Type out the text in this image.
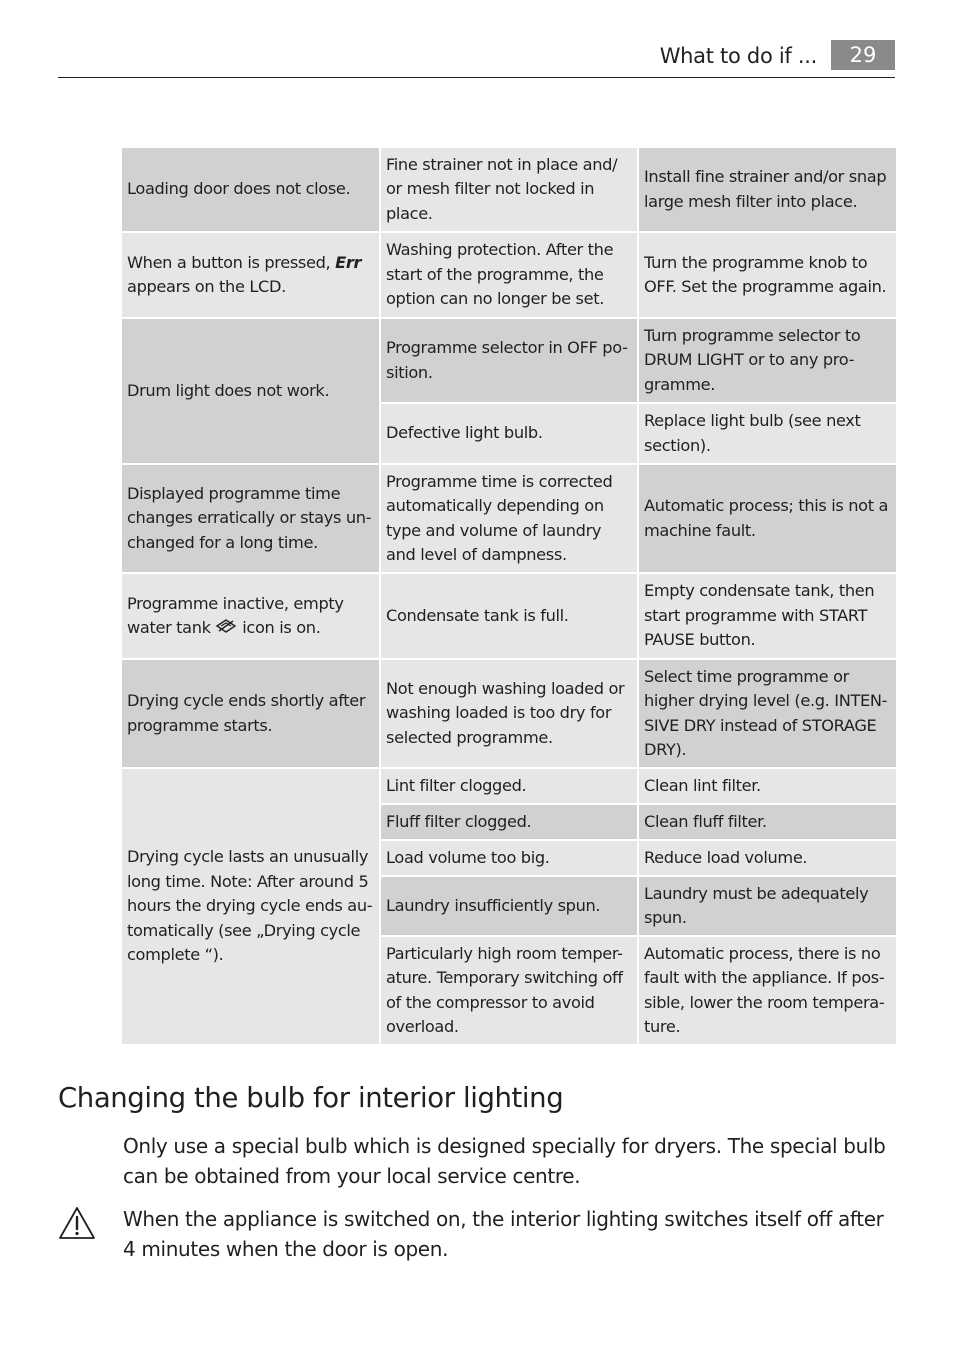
What to do if ...	29
Loading door does not close.	Fine strainer not in place and/ or mesh filter not locked in place.	Install fine strainer and/or snap large mesh filter into place.
When a button is pressed, Err appears on the LCD.	Washing protection. After the start of the programme, the option can no longer be set.	Turn the programme knob to OFF. Set the programme again.
Drum light does not work.	Programme selector in OFF po- sition.	Turn programme selector to DRUM LIGHT or to any pro- gramme.
	Defective light bulb.	Replace light bulb (see next section).
Displayed programme time changes erratically or stays un- changed for a long time.	Programme time is corrected automatically depending on type and volume of laundry and level of dampness.	Automatic process; this is not a machine fault.
Programme inactive, empty water tank  icon is on.	Condensate tank is full.	Empty condensate tank, then start programme with START PAUSE button.
Drying cycle ends shortly after programme starts.	Not enough washing loaded or washing loaded is too dry for selected programme.	Select time programme or higher drying level (e.g. INTEN- SIVE DRY instead of STORAGE DRY).
Drying cycle lasts an unusually long time. Note: After around 5 hours the drying cycle ends au- tomatically (see „Drying cycle complete “).	Lint filter clogged.	Clean lint filter.
	Fluff filter clogged.	Clean fluff filter.
	Load volume too big.	Reduce load volume.
	Laundry insufficiently spun.	Laundry must be adequately spun.
	Particularly high room temper- ature. Temporary switching off of the compressor to avoid overload.	Automatic process, there is no fault with the appliance. If pos- sible, lower the room tempera- ture.
Changing the bulb for interior lighting

Only use a special bulb which is designed specially for dryers. The special bulb can be obtained from your local service centre.

When the appliance is switched on, the interior lighting switches itself off after 4 minutes when the door is open.
